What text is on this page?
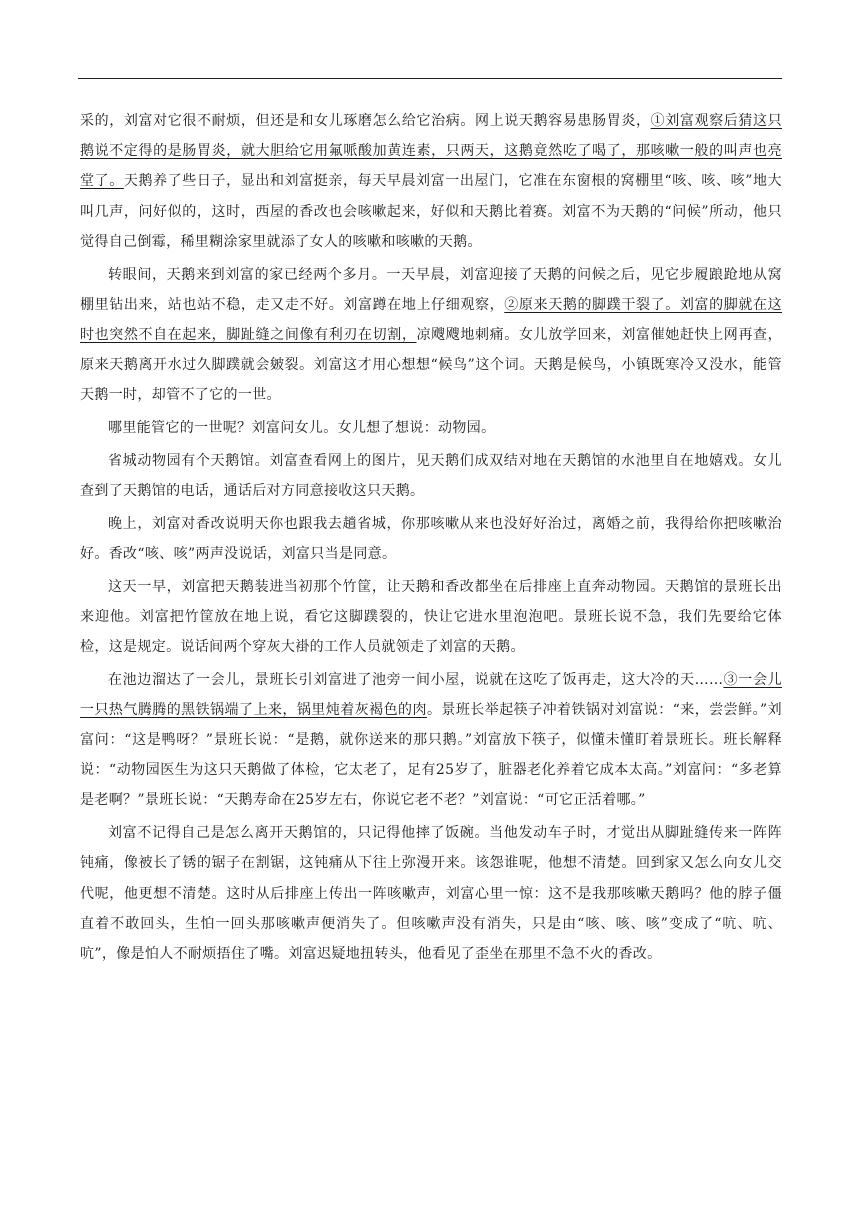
采的，刘富对它很不耐烦，但还是和女儿琢磨怎么给它治病。网上说天鹅容易患肠胃炎，①刘富观察后猜这只鹅说不定得的是肠胃炎，就大胆给它用氟哌酸加黄连素，只两天，这鹅竟然吃了喝了，那咳嗽一般的叫声也亮堂了。天鹅养了些日子，显出和刘富挺亲，每天早晨刘富一出屋门，它准在东窗根的窝棚里“咳、咳、咳”地大叫几声，问好似的，这时，西屋的香改也会咳嗽起来，好似和天鹅比着赛。刘富不为天鹅的“问候”所动，他只觉得自己倒霉，稀里糊涂家里就添了女人的咳嗽和咳嗽的天鹅。

转眼间，天鹅来到刘富的家已经两个多月。一天早晨，刘富迎接了天鹅的问候之后，见它步履踉跄地从窝棚里钻出来，站也站不稳，走又走不好。刘富蹲在地上仔细观察，②原来天鹅的脚蹼干裂了。刘富的脚就在这时也突然不自在起来，脚趾缝之间像有利刃在切割，凉飕飕地刺痛。女儿放学回来，刘富催她赶快上网再查，原来天鹅离开水过久脚蹼就会皴裂。刘富这才用心想想“候鸟”这个词。天鹅是候鸟，小镇既寒冷又没水，能管天鹅一时，却管不了它的一世。

哪里能管它的一世呢？刘富问女儿。女儿想了想说：动物园。

省城动物园有个天鹅馆。刘富查看网上的图片，见天鹅们成双结对地在天鹅馆的水池里自在地嬉戏。女儿查到了天鹅馆的电话，通话后对方同意接收这只天鹅。

晚上，刘富对香改说明天你也跟我去趟省城，你那咳嗽从来也没好好治过，离婚之前，我得给你把咳嗽治好。香改“咳、咳”两声没说话，刘富只当是同意。

这天一早，刘富把天鹅装进当初那个竹筐，让天鹅和香改都坐在后排座上直奔动物园。天鹅馆的景班长出来迎他。刘富把竹筐放在地上说，看它这脚蹼裂的，快让它进水里泡泡吧。景班长说不急，我们先要给它体检，这是规定。说话间两个穿灰大褂的工作人员就领走了刘富的天鹅。

在池边溜达了一会儿，景班长引刘富进了池旁一间小屋，说就在这吃了饭再走，这大冷的天……③一会儿一只热气腾腾的黑铁锅端了上来，锅里炖着灰褐色的肉。景班长举起筷子冲着铁锅对刘富说：“来，尝尝鲜。”刘富问：“这是鸭呀？”景班长说：“是鹅，就你送来的那只鹅。”刘富放下筷子，似懂未懂盯着景班长。班长解释说：“动物园医生为这只天鹅做了体检，它太老了，足有25岁了，脏器老化养着它成本太高。”刘富问：“多老算是老啊？”景班长说：“天鹅寿命在25岁左右，你说它老不老？”刘富说：“可它正活着哪。”

刘富不记得自己是怎么离开天鹅馆的，只记得他摔了饭碗。当他发动车子时，才觉出从脚趾缝传来一阵阵钝痛，像被长了锈的锯子在割锯，这钝痛从下往上弥漫开来。该怨谁呢，他想不清楚。回到家又怎么向女儿交代呢，他更想不清楚。这时从后排座上传出一阵咳嗽声，刘富心里一惊：这不是我那咳嗽天鹅吗？他的脖子僵直着不敢回头，生怕一回头那咳嗽声便消失了。但咳嗽声没有消失，只是由“咳、咳、咳”变成了“吭、吭、吭”，像是怕人不耐烦捂住了嘴。刘富迟疑地扭转头，他看见了歪坐在那里不急不火的香改。
